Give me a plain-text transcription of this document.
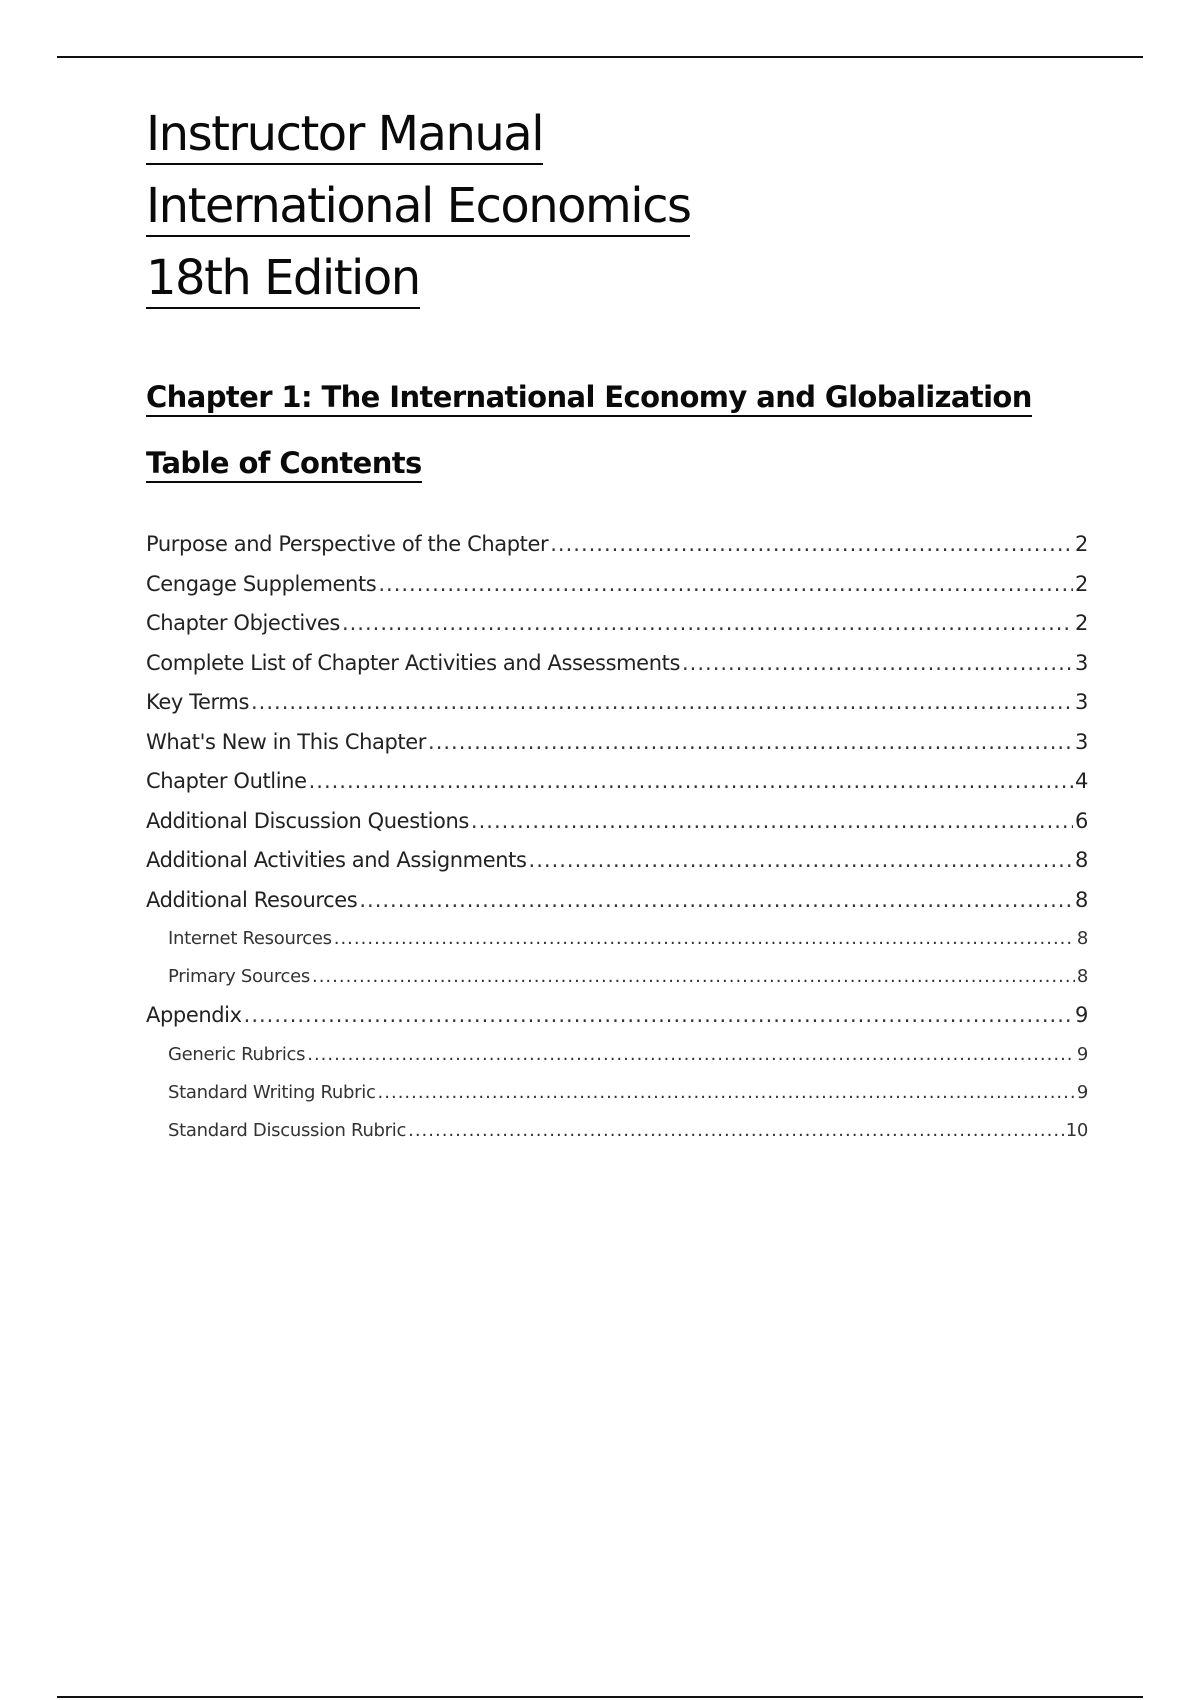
Instructor Manual
International Economics
18th Edition
Chapter 1: The International Economy and Globalization
Table of Contents
Purpose and Perspective of the Chapter .....	2
Cengage Supplements .....	2
Chapter Objectives .....	2
Complete List of Chapter Activities and Assessments .....	3
Key Terms .....	3
What's New in This Chapter .....	3
Chapter Outline .....	4
Additional Discussion Questions .....	6
Additional Activities and Assignments .....	8
Additional Resources .....	8
Internet Resources .....	8
Primary Sources .....	8
Appendix .....	9
Generic Rubrics .....	9
Standard Writing Rubric .....	9
Standard Discussion Rubric .....	10
